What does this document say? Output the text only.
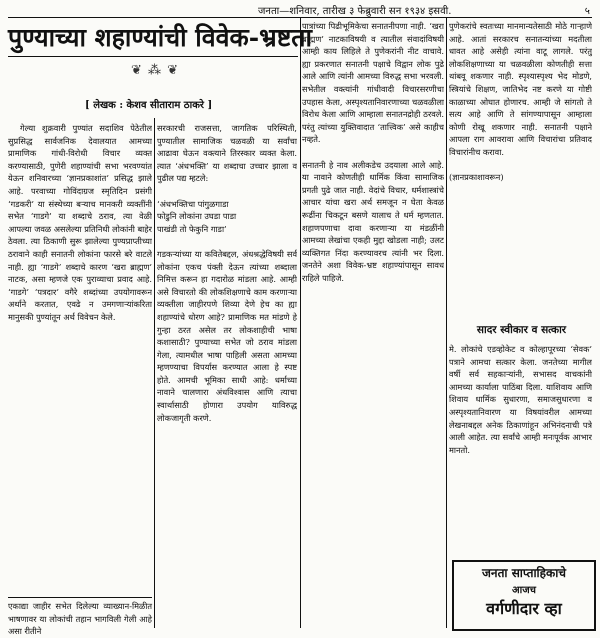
जनता—शनिवार, तारीख ३ फेब्रुवारी सन १९३४ इसवी.	५
पुण्याच्या शहाण्यांची विवेक-भ्रष्टता
❦ ⁂ ❦
[ लेखक : केशव सीताराम ठाकरे ]

गेल्या शुक्रवारी पुण्यांत सदाशिव पेठेतील सुप्रसिद्ध सार्वजनिक देवालयात आमच्या प्रामाणिक गांधी-विरोधी विचार व्यक्त करण्यासाठी, पुणेरी शहाण्यांची सभा भरवण्यांत येऊन शनिवारच्या ‘ज्ञानप्रकाशांत’ प्रसिद्ध झाले आहे. परवाच्या गोविंदाग्रज स्मृतिदिन प्रसंगी ‘गडकरी’ या संस्थेच्या बर्‍याच मानकरी व्यक्तींनी सभेत ‘गाडगे’ या शब्दाचे ठराव, त्या वेळी आपल्या जवळ असलेल्या प्रतिनिधी लोकांनी बाहेर ठेवला. त्या ठिकाणी सुरू झालेल्या पुण्यप्राप्तीच्या ठरावाने काही सनातनी लोकांना फारसे बरे वाटले नाही. ह्या ‘गाडगे’ शब्दाचे कारण ‘खरा ब्राह्मण’ नाटक, असा म्हणजे एक पुराव्याचा प्रवाद आहे. ‘गाडगे’ ‘पत्रदार’ वगैरे शब्दांच्या उपयोगावरून अर्थाने करतात, एवढे न उमगणाऱ्यांकरिता मानुसकी पुण्यांतून अर्थ विवेचन केले.

एकाद्या जाहीर सभेत दिलेल्या व्याख्यान-मिळीत भाषणावर या लोकांची तहान भागविली गेली आहे असा रीतीने

सरकारची राजसत्ता, जागतिक परिस्थिती, पुण्यातील सामाजिक चळवळी या सर्वांचा आढावा घेऊन वक्त्याने तिरस्कार व्यक्त केला. त्यात ‘अंधभक्ति’ या शब्दाचा उच्चार झाला व पुढील पद्य म्हटले:

‘अंधभक्तिचा पांगुळगाडा
फोडुनि लोकांना उघडा पाडा
पाखंडी तो फेकुनि गाडा’

गडकऱ्यांच्या या कवितेबद्दल, अंधश्रद्धेविषयी सर्व लोकांना एकच पंक्ती देऊन त्यांच्या शब्दाला निमित्त करून हा गदारोळ मांडला आहे. आम्ही असे विचारतो की लोकशिक्षणाचे काम करणाऱ्या व्यक्तीला जाहीरपणे शिव्या देणे हेच का ह्या शहाण्यांचे धोरण आहे? प्रामाणिक मत मांडणे हे गुन्हा ठरत असेल तर लोकशाहीची भाषा कशासाठी? पुण्याच्या सभेत जो ठराव मांडला गेला, त्यामधील भाषा पाहिली असता आमच्या म्हणण्याचा विपर्यास करण्यात आला हे स्पष्ट होते. आमची भूमिका साधी आहे: धर्माच्या नावाने चालणारा अंधविश्वास आणि त्याचा स्वार्थासाठी होणारा उपयोग याविरुद्ध लोकजागृती करणे.

पात्रांच्या पिढीभूमिकेचा सनातनीपणा नाही. ‘खरा ब्राह्मण’ नाटकाविषयी व त्यातील संवादांविषयी आम्ही काय लिहिले ते पुणेकरांनी नीट वाचावे. ह्या प्रकरणात सनातनी पक्षाचे विद्वान लोक पुढे आले आणि त्यांनी आमच्या विरुद्ध सभा भरवली. सभेतील वक्त्यांनी गांधीवादी विचारसरणीचा उपहास केला, अस्पृश्यतानिवारणाच्या चळवळीला विरोध केला आणि आम्हाला सनातनद्रोही ठरवले. परंतु त्यांच्या युक्तिवादात ‘तात्त्विक’ असे काहीच नव्हते.

सनातनी हे नाव अलीकडेच उदयाला आले आहे. या नावाने कोणतीही धार्मिक किंवा सामाजिक प्रगती पुढे जात नाही. वेदांचे विचार, धर्मशास्त्रांचे आचार यांचा खरा अर्थ समजून न घेता केवळ रूढींना चिकटून बसणे यालाच ते धर्म म्हणतात. शहाणपणाचा दावा करणाऱ्या या मंडळींनी आमच्या लेखांचा एकही मुद्दा खोडला नाही; उलट व्यक्तिगत निंदा करण्यावरच त्यांनी भर दिला. जनतेने अशा विवेक-भ्रष्ट शहाण्यांपासून सावध राहिले पाहिजे.

पुणेकरांचे स्वतःच्या मानमान्यतेसाठी मोठे गाऱ्हाणे आहे. आतां सरकारच सनातन्यांच्या मदतीला धावत आहे असेही त्यांना वाटू लागले. परंतु लोकशिक्षणाच्या या चळवळीला कोणतीही सत्ता थांबवू शकणार नाही. स्पृश्यास्पृश्य भेद मोडणे, स्त्रियांचे शिक्षण, जातिभेद नष्ट करणे या गोष्टी काळाच्या ओघात होणारच. आम्ही जे सांगतो ते सत्य आहे आणि ते सांगण्यापासून आम्हाला कोणी रोखू शकणार नाही. सनातनी पक्षाने आपला राग आवरावा आणि विचारांचा प्रतिवाद विचारांनीच करावा.

(ज्ञानप्रकाशावरून)

सादर स्वीकार व सत्कार

मे. लोकांचे एडव्होकेट व कोल्हापूरच्या ‘सेवक’ पत्राने आमचा सत्कार केला. जनतेच्या मागील वर्षी सर्व सहकाऱ्यांनी, सभासद वाचकांनी आमच्या कार्याला पाठिंबा दिला. याशिवाय आणि शिवाय धार्मिक सुधारणा, समाजसुधारणा व अस्पृश्यतानिवारण या विषयांवरील आमच्या लेखनाबद्दल अनेक ठिकाणांहून अभिनंदनाची पत्रे आली आहेत. त्या सर्वांचे आम्ही मनःपूर्वक आभार मानतो.

जनता साप्ताहिकाचे
आजच
वर्गणीदार व्हा
